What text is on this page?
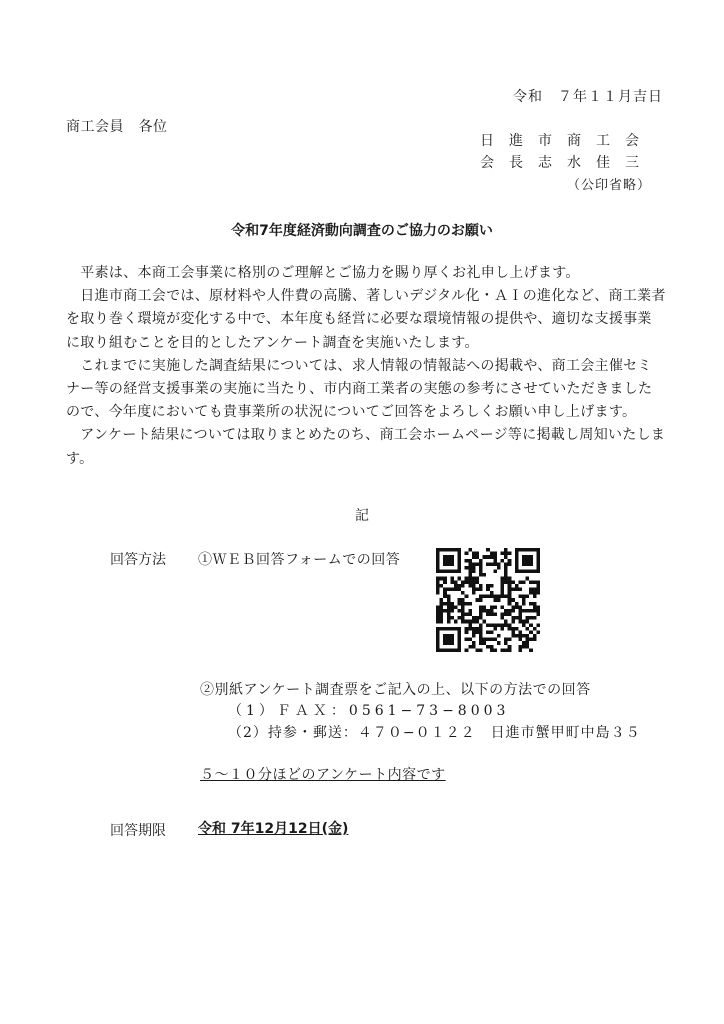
令和　７年１１月吉日
商工会員　各位
日進市商工会
会長志水佳三
（公印省略）
令和7年度経済動向調査のご協力のお願い

　平素は、本商工会事業に格別のご理解とご協力を賜り厚くお礼申し上げます。

　日進市商工会では、原材料や人件費の高騰、著しいデジタル化・ＡＩの進化など、商工業者を取り巻く環境が変化する中で、本年度も経営に必要な環境情報の提供や、適切な支援事業に取り組むことを目的としたアンケート調査を実施いたします。

　これまでに実施した調査結果については、求人情報の情報誌への掲載や、商工会主催セミナー等の経営支援事業の実施に当たり、市内商工業者の実態の参考にさせていただきましたので、今年度においても貴事業所の状況についてご回答をよろしくお願い申し上げます。

　アンケート結果については取りまとめたのち、商工会ホームページ等に掲載し周知いたします。

記
回答方法 ①ＷＥＢ回答フォームでの回答
②別紙アンケート調査票をご記入の上、以下の方法での回答
（1）ＦＡＸ：0561−73−8003
（2）持参・郵送：４７０−０１２２　日進市蟹甲町中島３５
５〜１０分ほどのアンケート内容です
回答期限 令和 7年12月12日(金)
